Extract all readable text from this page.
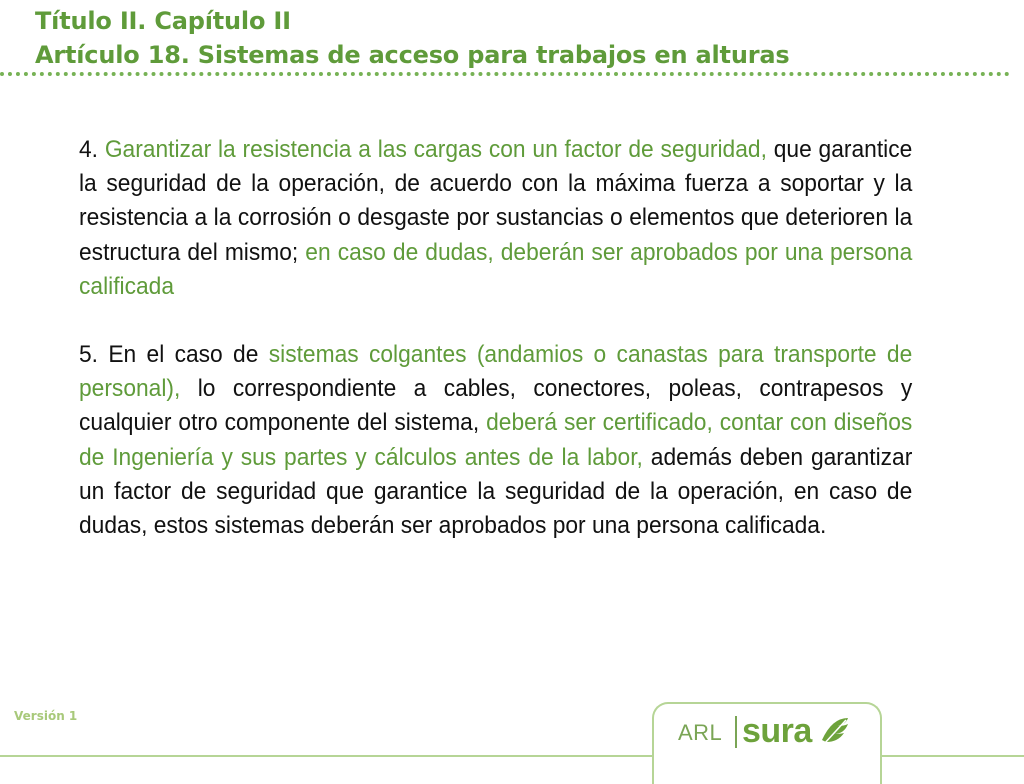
Título II. Capítulo II
Artículo 18. Sistemas de acceso para trabajos en alturas

4. Garantizar la resistencia a las cargas con un factor de seguridad, que garantice la seguridad de la operación, de acuerdo con la máxima fuerza a soportar y la resistencia a la corrosión o desgaste por sustancias o elementos que deterioren la estructura del mismo; en caso de dudas, deberán ser aprobados por una persona calificada

5. En el caso de sistemas colgantes (andamios o canastas para transporte de personal), lo correspondiente a cables, conectores, poleas, contrapesos y cualquier otro componente del sistema, deberá ser certificado, contar con diseños de Ingeniería y sus partes y cálculos antes de la labor, además deben garantizar un factor de seguridad que garantice la seguridad de la operación, en caso de dudas, estos sistemas deberán ser aprobados por una persona calificada.

Versión 1
ARL sura
